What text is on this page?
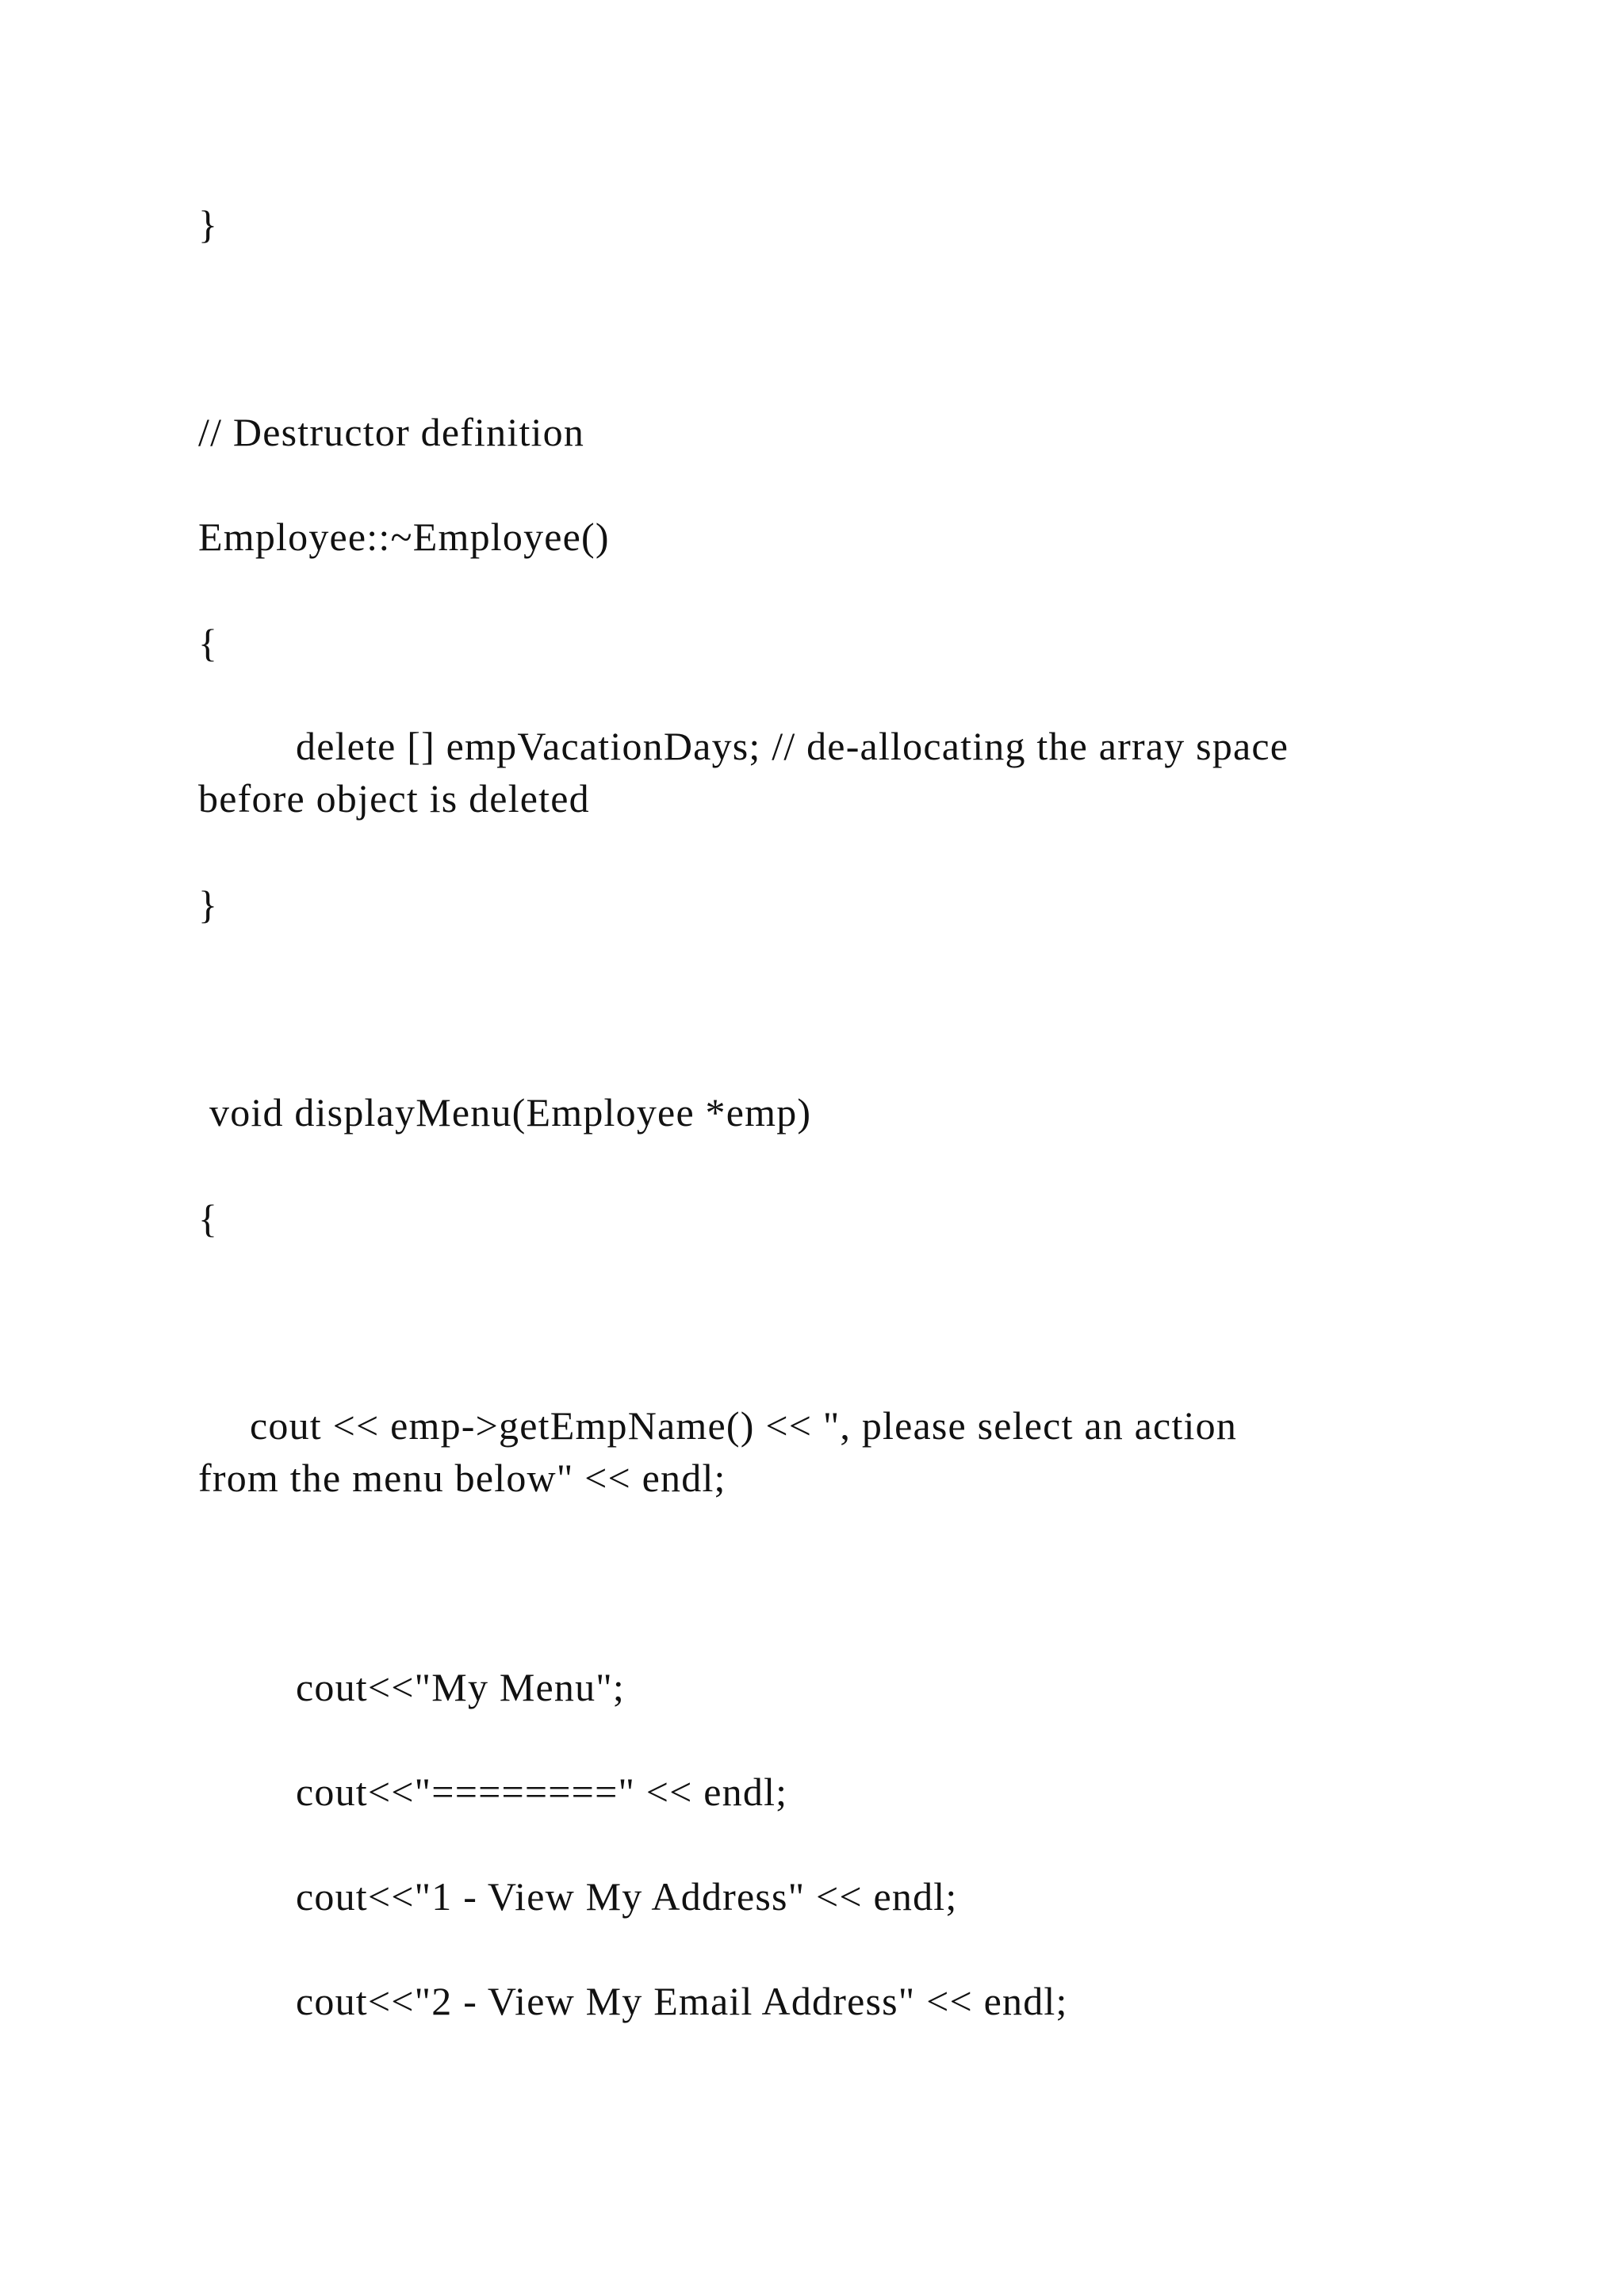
}
// Destructor definition
Employee::~Employee()
{
delete [] empVacationDays; // de-allocating the array space
before object is deleted
}
void displayMenu(Employee *emp)
{
cout << emp->getEmpName() << ", please select an action
from the menu below" << endl;
cout<<"My Menu";
cout<<"========" << endl;
cout<<"1 - View My Address" << endl;
cout<<"2 - View My Email Address" << endl;
